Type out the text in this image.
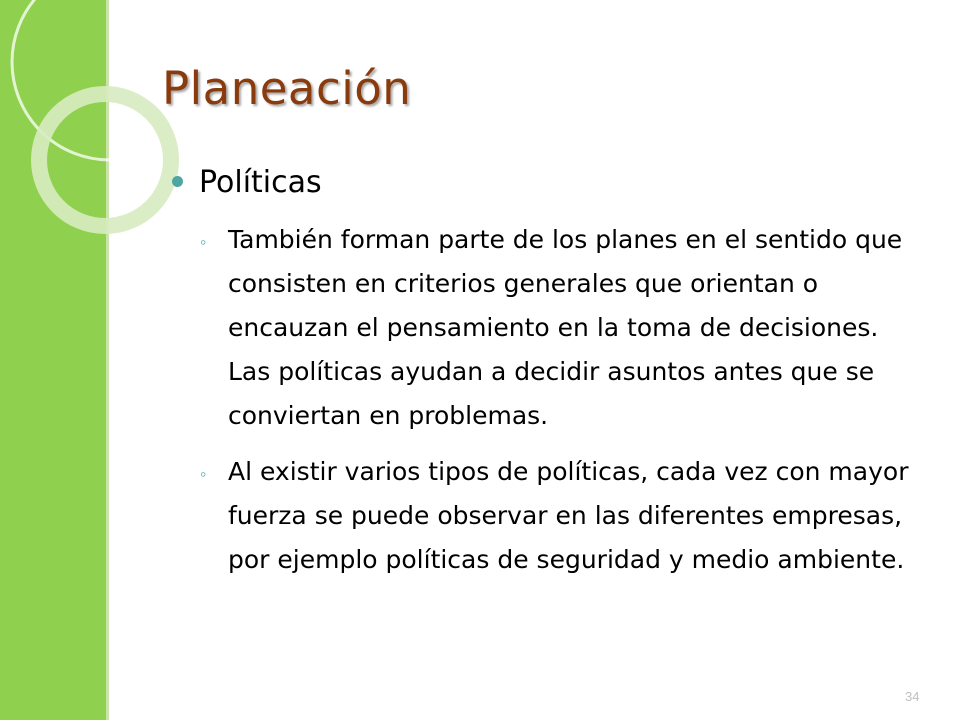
Planeación
Políticas
◦ También forman parte de los planes en el sentido que consisten en criterios generales que orientan o encauzan el pensamiento en la toma de decisiones. Las políticas ayudan a decidir asuntos antes que se conviertan en problemas.
◦ Al existir varios tipos de políticas, cada vez con mayor fuerza se puede observar en las diferentes empresas, por ejemplo políticas de seguridad y medio ambiente.
34
